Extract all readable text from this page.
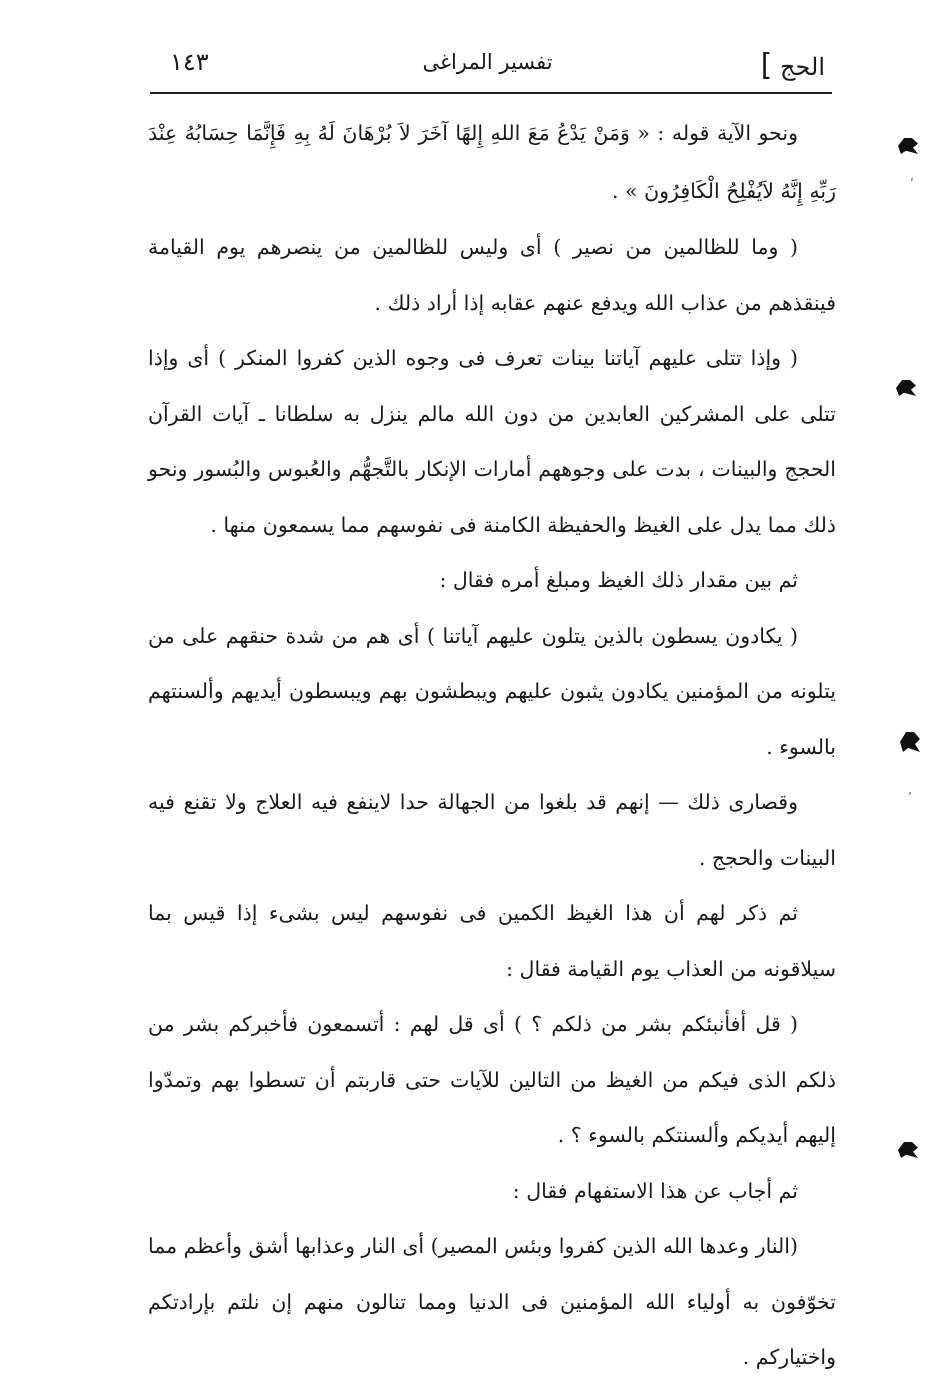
الحج ]
تفسير المراغى
١٤٣

ونحو الآية قوله : « وَمَنْ يَدْعُ مَعَ اللهِ إِلهًا آخَرَ لاَ بُرْهَانَ لَهُ بِهِ فَإِنَّمَا حِسَابُهُ عِنْدَ رَبِّهِ إِنَّهُ لاَيُفْلِحُ الْكَافِرُونَ » .

( وما للظالمين من نصير ) أى وليس للظالمين من ينصرهم يوم القيامة فينقذهم من عذاب الله ويدفع عنهم عقابه إذا أراد ذلك .

( وإذا تتلى عليهم آياتنا بينات تعرف فى وجوه الذين كفروا المنكر ) أى وإذا تتلى على المشركين العابدين من دون الله مالم ينزل به سلطانا ـ آيات القرآن الحجج والبينات ، بدت على وجوههم أمارات الإنكار بالتَّجهُّم والعُبوس والبُسور ونحو ذلك مما يدل على الغيظ والحفيظة الكامنة فى نفوسهم مما يسمعون منها .

ثم بين مقدار ذلك الغيظ ومبلغ أمره فقال :

( يكادون يسطون بالذين يتلون عليهم آياتنا ) أى هم من شدة حنقهم على من يتلونه من المؤمنين يكادون يثبون عليهم ويبطشون بهم ويبسطون أيديهم وألسنتهم بالسوء .

وقصارى ذلك — إنهم قد بلغوا من الجهالة حدا لاينفع فيه العلاج ولا تقنع فيه البينات والحجج .

ثم ذكر لهم أن هذا الغيظ الكمين فى نفوسهم ليس بشىء إذا قيس بما سيلاقونه من العذاب يوم القيامة فقال :

( قل أفأنبئكم بشر من ذلكم ؟ ) أى قل لهم : أتسمعون فأخبركم بشر من ذلكم الذى فيكم من الغيظ من التالين للآيات حتى قاربتم أن تسطوا بهم وتمدّوا إليهم أيديكم وألسنتكم بالسوء ؟ .

ثم أجاب عن هذا الاستفهام فقال :

(النار وعدها الله الذين كفروا وبئس المصير) أى النار وعذابها أشق وأعظم مما تخوّفون به أولياء الله المؤمنين فى الدنيا ومما تنالون منهم إن نلتم بإرادتكم واختياركم .

ʼ
ʼ
